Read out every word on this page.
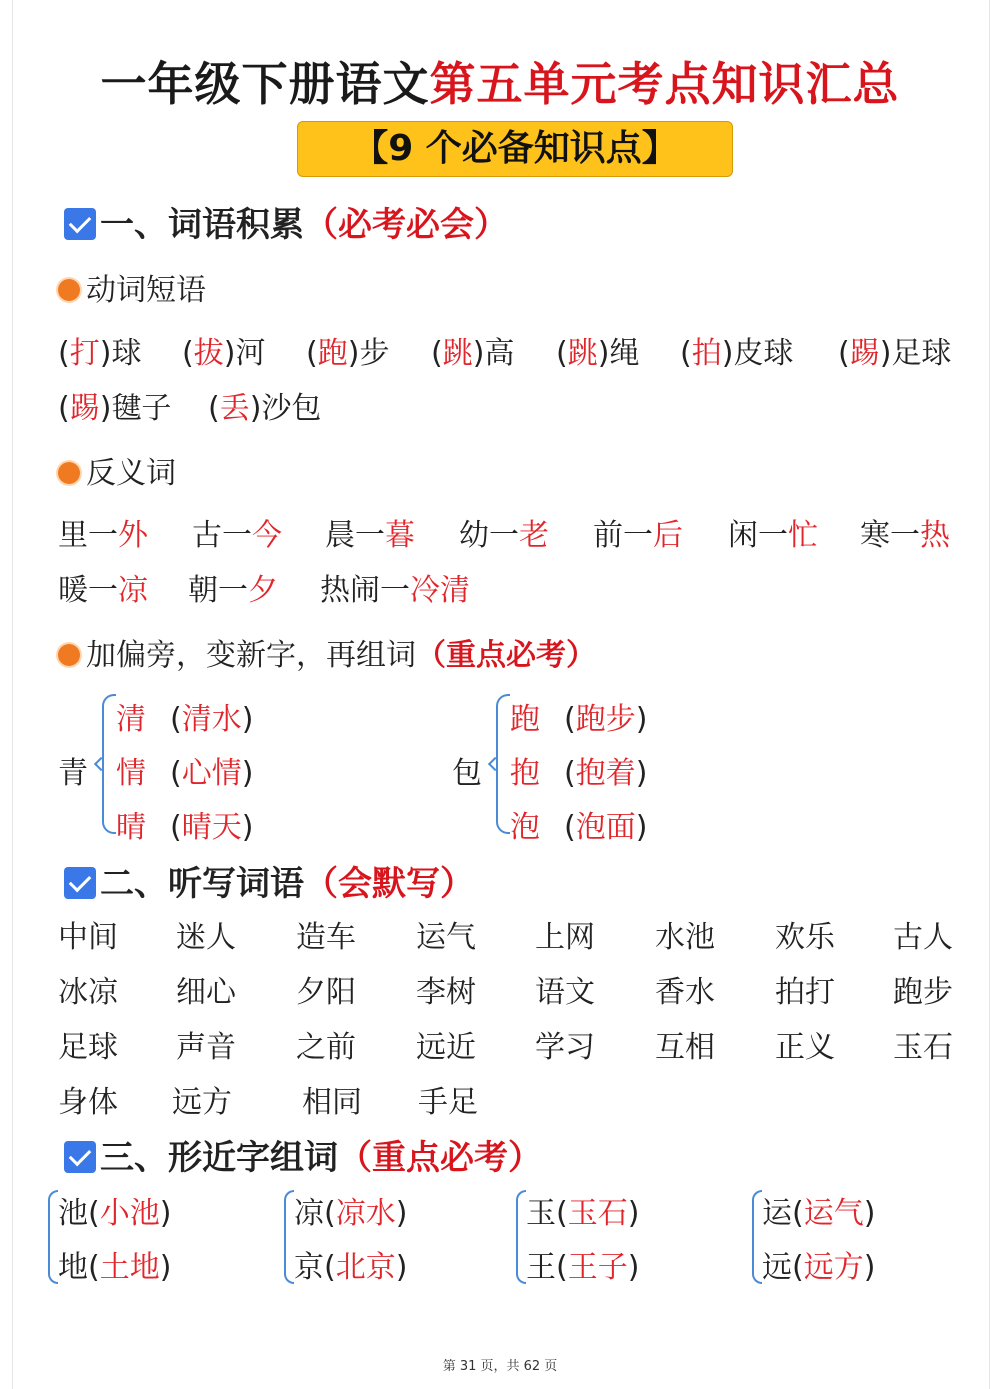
一年级下册语文第五单元考点知识汇总
【9 个必备知识点】
一、词语积累（必考必会）
动词短语
(打)球 (拔)河 (跑)步 (跳)高 (跳)绳 (拍)皮球 (踢)足球
(踢)毽子 (丢)沙包
反义词
里一外 古一今 晨一暮 幼一老 前一后 闲一忙 寒一热
暖一凉 朝一夕 热闹一冷清
加偏旁，变新字，再组词（重点必考）
青
清 (清水)
情 (心情)
晴 (晴天)
包
跑 (跑步)
抱 (抱着)
泡 (泡面)
二、听写词语（会默写）
中间 迷人 造车 运气 上网 水池 欢乐 古人
冰凉 细心 夕阳 李树 语文 香水 拍打 跑步
足球 声音 之前 远近 学习 互相 正义 玉石
身体 远方 相同 手足
三、形近字组词（重点必考）
池(小池)
地(土地)
凉(凉水)
京(北京)
玉(玉石)
王(王子)
运(运气)
远(远方)
第 31 页，共 62 页
